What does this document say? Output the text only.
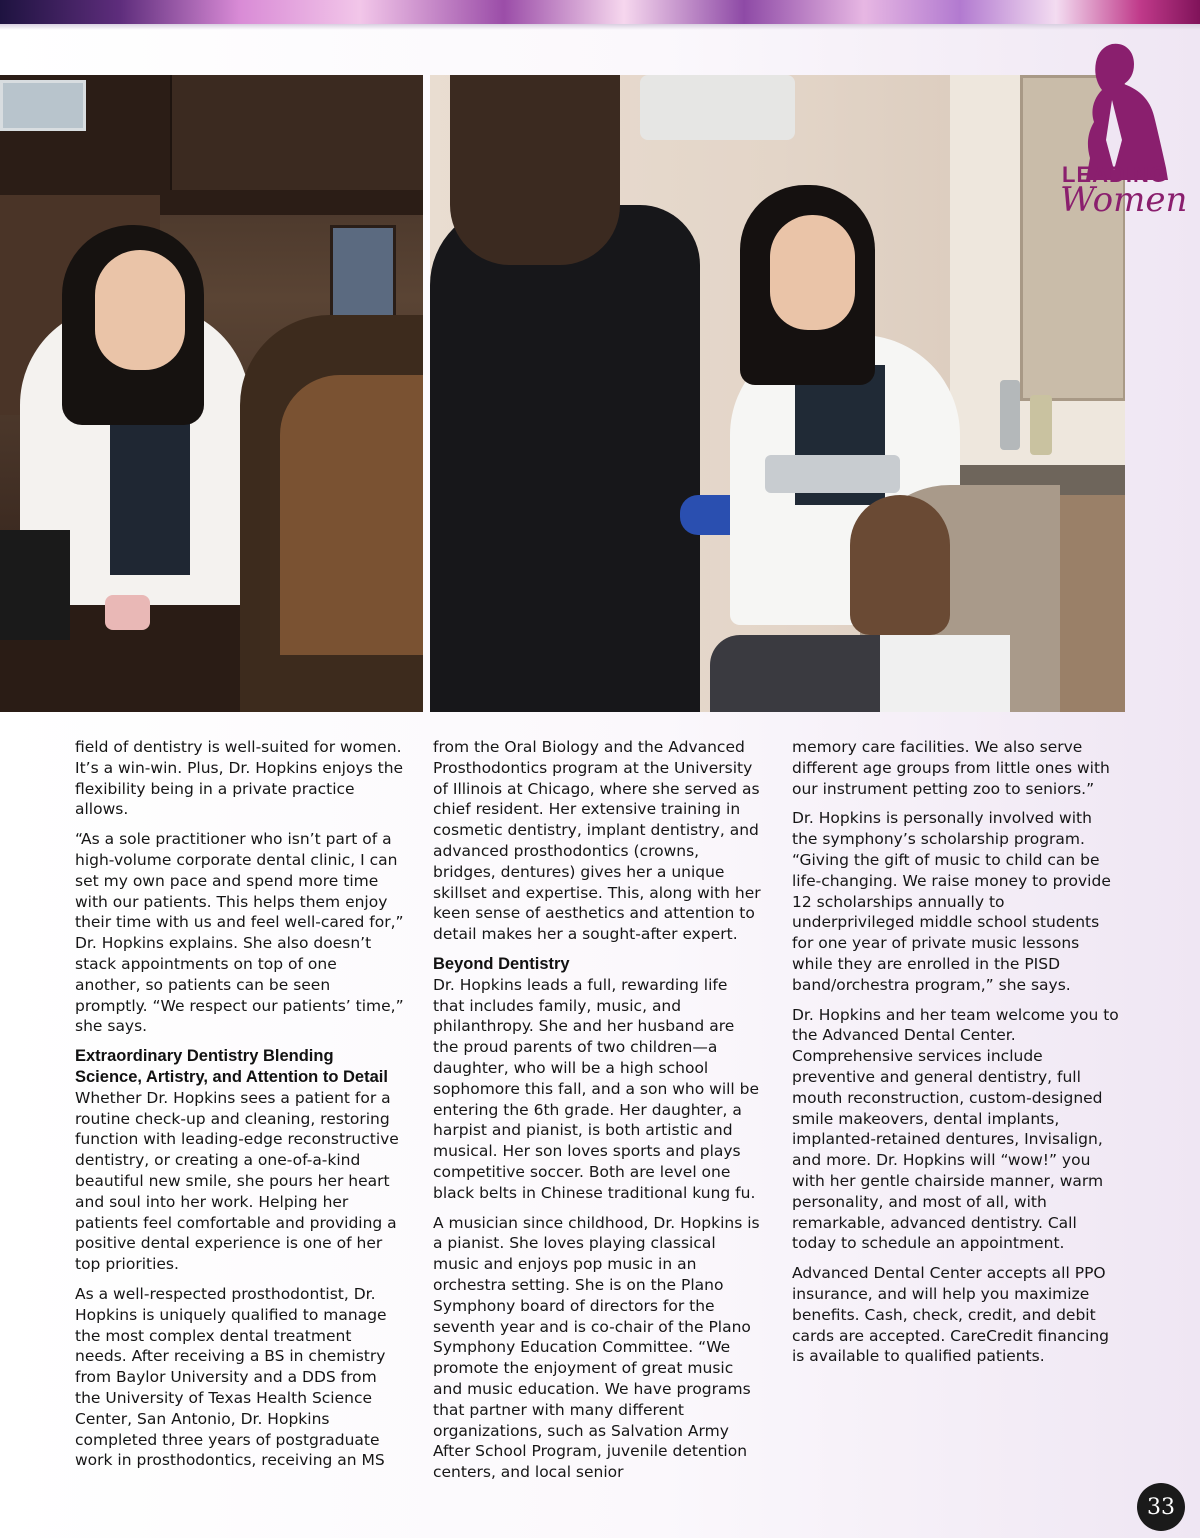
LEADING
Women

field of dentistry is well-suited for women. It’s a win-win. Plus, Dr. Hopkins enjoys the flexibility being in a private practice allows.

“As a sole practitioner who isn’t part of a high-volume corporate dental clinic, I can set my own pace and spend more time with our patients. This helps them enjoy their time with us and feel well-cared for,” Dr. Hopkins explains. She also doesn’t stack appointments on top of one another, so patients can be seen promptly. “We respect our patients’ time,” she says.

Extraordinary Dentistry Blending Science, Artistry, and Attention to Detail

Whether Dr. Hopkins sees a patient for a routine check-up and cleaning, restoring function with leading-edge reconstructive dentistry, or creating a one-of-a-kind beautiful new smile, she pours her heart and soul into her work. Helping her patients feel comfortable and providing a positive dental experience is one of her top priorities.

As a well-respected prosthodontist, Dr. Hopkins is uniquely qualified to manage the most complex dental treatment needs. After receiving a BS in chemistry from Baylor University and a DDS from the University of Texas Health Science Center, San Antonio, Dr. Hopkins completed three years of postgraduate work in prosthodontics, receiving an MS

from the Oral Biology and the Advanced Prosthodontics program at the University of Illinois at Chicago, where she served as chief resident. Her extensive training in cosmetic dentistry, implant dentistry, and advanced prosthodontics (crowns, bridges, dentures) gives her a unique skillset and expertise. This, along with her keen sense of aesthetics and attention to detail makes her a sought-after expert.

Beyond Dentistry

Dr. Hopkins leads a full, rewarding life that includes family, music, and philanthropy. She and her husband are the proud parents of two children—a daughter, who will be a high school sophomore this fall, and a son who will be entering the 6th grade. Her daughter, a harpist and pianist, is both artistic and musical. Her son loves sports and plays competitive soccer. Both are level one black belts in Chinese traditional kung fu.

A musician since childhood, Dr. Hopkins is a pianist. She loves playing classical music and enjoys pop music in an orchestra setting. She is on the Plano Symphony board of directors for the seventh year and is co-chair of the Plano Symphony Education Committee. “We promote the enjoyment of great music and music education. We have programs that partner with many different organizations, such as Salvation Army After School Program, juvenile detention centers, and local senior

memory care facilities. We also serve different age groups from little ones with our instrument petting zoo to seniors.”

Dr. Hopkins is personally involved with the symphony’s scholarship program. “Giving the gift of music to child can be life-changing. We raise money to provide 12 scholarships annually to underprivileged middle school students for one year of private music lessons while they are enrolled in the PISD band/orchestra program,” she says.

Dr. Hopkins and her team welcome you to the Advanced Dental Center. Comprehensive services include preventive and general dentistry, full mouth reconstruction, custom-designed smile makeovers, dental implants, implanted-retained dentures, Invisalign, and more. Dr. Hopkins will “wow!” you with her gentle chairside manner, warm personality, and most of all, with remarkable, advanced dentistry. Call today to schedule an appointment.

Advanced Dental Center accepts all PPO insurance, and will help you maximize benefits. Cash, check, credit, and debit cards are accepted. CareCredit financing is available to qualified patients.

33
